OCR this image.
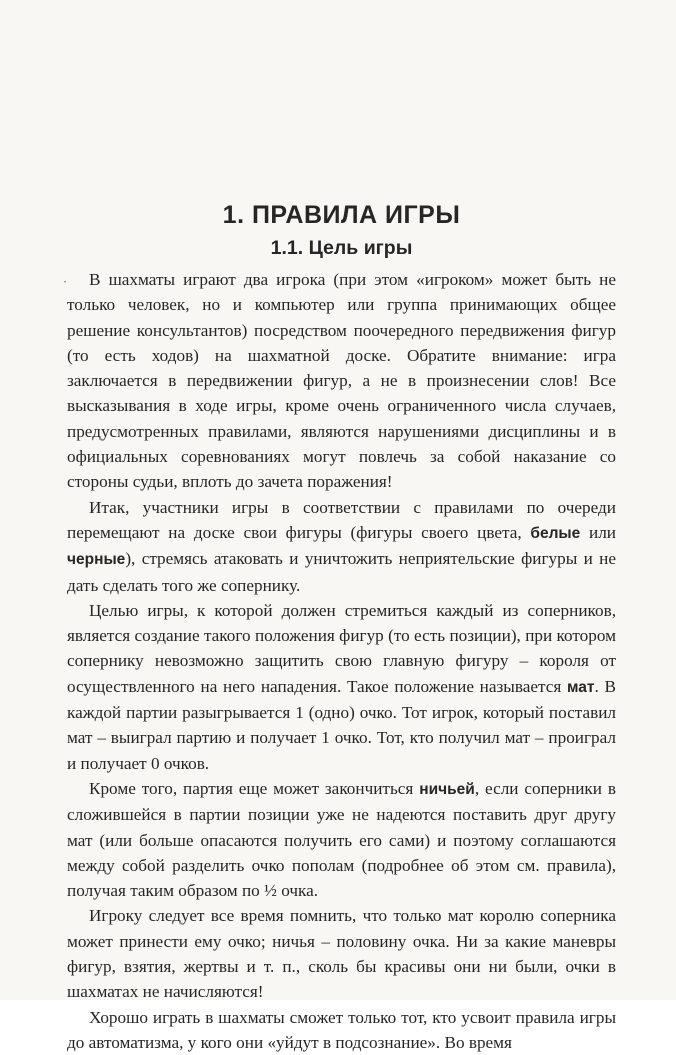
•
1. ПРАВИЛА ИГРЫ
1.1. Цель игры

В шахматы играют два игрока (при этом «игроком» может быть не только человек, но и компьютер или группа принимающих общее решение консультантов) посредством поочередного передвижения фигур (то есть ходов) на шахматной доске. Обратите внимание: игра заключается в передвижении фигур, а не в произнесении слов! Все высказывания в ходе игры, кроме очень ограниченного числа случаев, предусмотренных правилами, являются нарушениями дисциплины и в официальных соревнованиях могут повлечь за собой наказание со стороны судьи, вплоть до зачета поражения!

Итак, участники игры в соответствии с правилами по очереди перемещают на доске свои фигуры (фигуры своего цвета, белые или черные), стремясь атаковать и уничтожить неприятельские фигуры и не дать сделать того же сопернику.

Целью игры, к которой должен стремиться каждый из соперников, является создание такого положения фигур (то есть позиции), при котором сопернику невозможно защитить свою главную фигуру – короля от осуществленного на него нападения. Такое положение называется мат. В каждой партии разыгрывается 1 (одно) очко. Тот игрок, который поставил мат – выиграл партию и получает 1 очко. Тот, кто получил мат – проиграл и получает 0 очков.

Кроме того, партия еще может закончиться ничьей, если соперники в сложившейся в партии позиции уже не надеются поставить друг другу мат (или больше опасаются получить его сами) и поэтому соглашаются между собой разделить очко пополам (подробнее об этом см. правила), получая таким образом по ½ очка.

Игроку следует все время помнить, что только мат королю соперника может принести ему очко; ничья – половину очка. Ни за какие маневры фигур, взятия, жертвы и т. п., сколь бы красивы они ни были, очки в шахматах не начисляются!

Хорошо играть в шахматы сможет только тот, кто усвоит правила игры до автоматизма, у кого они «уйдут в подсознание». Во время
